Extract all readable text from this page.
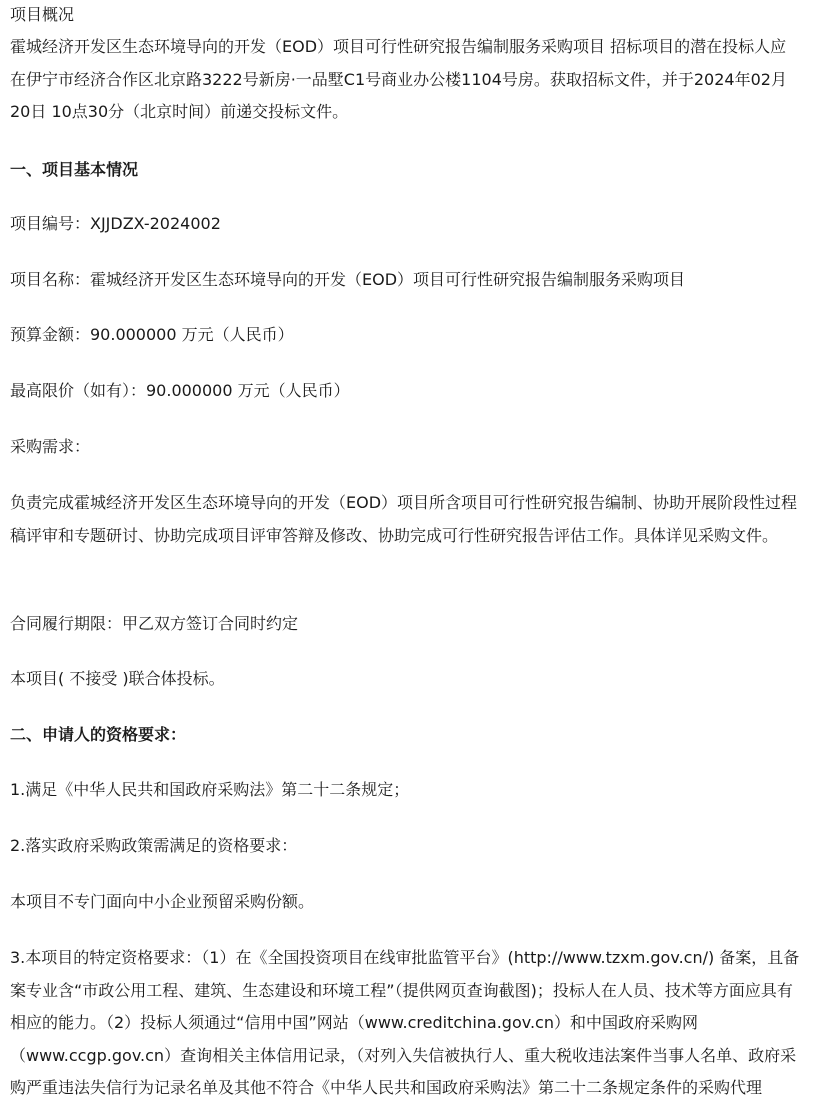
项目概况
霍城经济开发区生态环境导向的开发（EOD）项目可行性研究报告编制服务采购项目 招标项目的潜在投标人应在伊宁市经济合作区北京路3222号新房·一品墅C1号商业办公楼1104号房。获取招标文件，并于2024年02月20日 10点30分（北京时间）前递交投标文件。
一、项目基本情况
项目编号：XJJDZX-2024002
项目名称：霍城经济开发区生态环境导向的开发（EOD）项目可行性研究报告编制服务采购项目
预算金额：90.000000 万元（人民币）
最高限价（如有）：90.000000 万元（人民币）
采购需求：
负责完成霍城经济开发区生态环境导向的开发（EOD）项目所含项目可行性研究报告编制、协助开展阶段性过程稿评审和专题研讨、协助完成项目评审答辩及修改、协助完成可行性研究报告评估工作。具体详见采购文件。
合同履行期限：甲乙双方签订合同时约定
本项目( 不接受 )联合体投标。
二、申请人的资格要求：
1.满足《中华人民共和国政府采购法》第二十二条规定；
2.落实政府采购政策需满足的资格要求：
本项目不专门面向中小企业预留采购份额。
3.本项目的特定资格要求：（1）在《全国投资项目在线审批监管平台》(http://www.tzxm.gov.cn/) 备案，且备案专业含“市政公用工程、建筑、生态建设和环境工程”（提供网页查询截图)；投标人在人员、技术等方面应具有相应的能力。（2）投标人须通过“信用中国”网站（www.creditchina.gov.cn）和中国政府采购网（www.ccgp.gov.cn）查询相关主体信用记录，（对列入失信被执行人、重大税收违法案件当事人名单、政府采购严重违法失信行为记录名单及其他不符合《中华人民共和国政府采购法》第二十二条规定条件的采购代理
